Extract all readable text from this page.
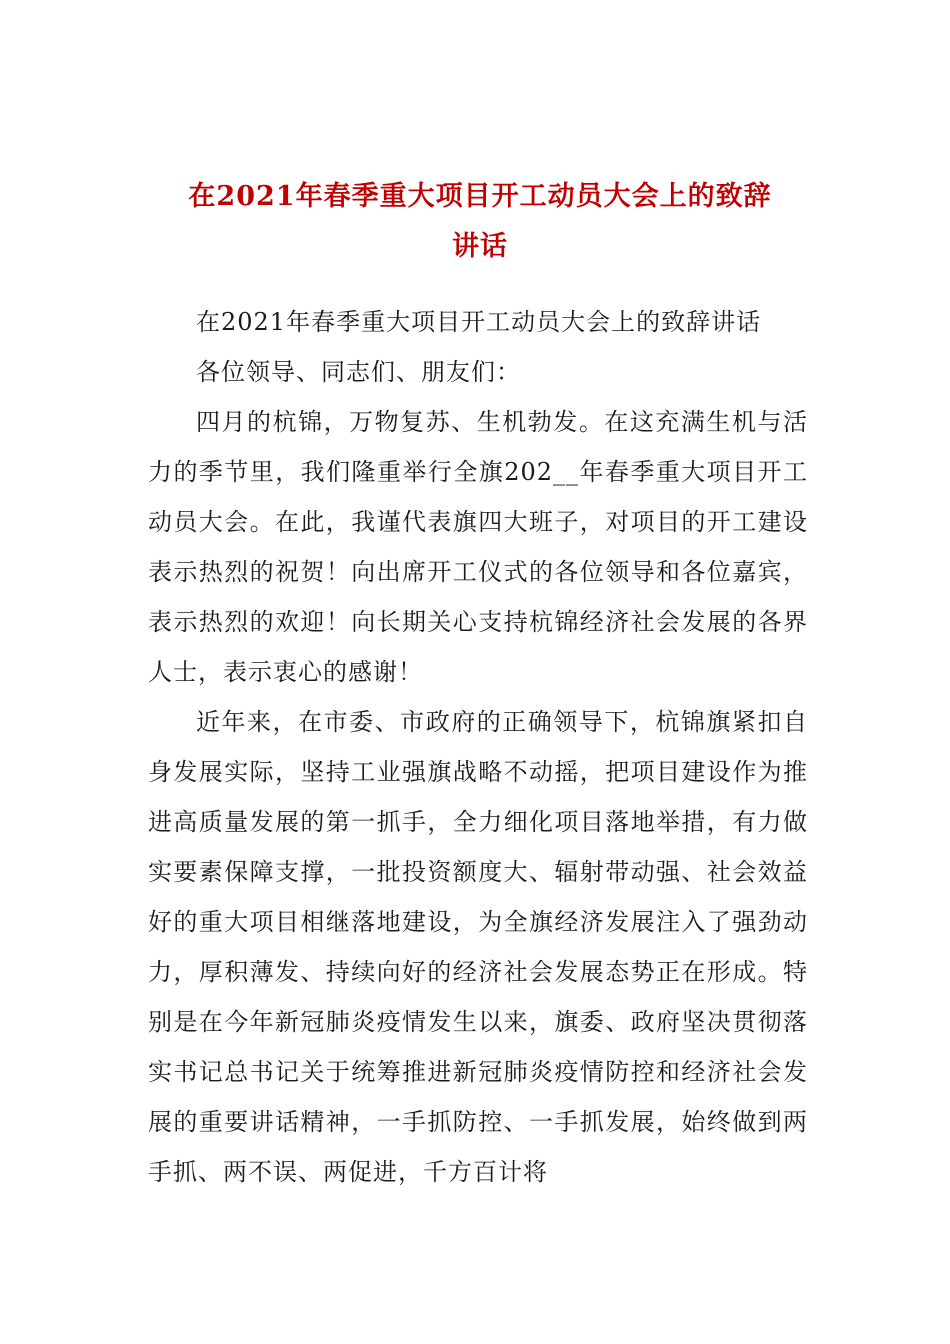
在2021年春季重大项目开工动员大会上的致辞
讲话

在2021年春季重大项目开工动员大会上的致辞讲话

各位领导、同志们、朋友们：

四月的杭锦，万物复苏、生机勃发。在这充满生机与活力的季节里，我们隆重举行全旗202__年春季重大项目开工动员大会。在此，我谨代表旗四大班子，对项目的开工建设表示热烈的祝贺！向出席开工仪式的各位领导和各位嘉宾，表示热烈的欢迎！向长期关心支持杭锦经济社会发展的各界人士，表示衷心的感谢！

近年来，在市委、市政府的正确领导下，杭锦旗紧扣自身发展实际，坚持工业强旗战略不动摇，把项目建设作为推进高质量发展的第一抓手，全力细化项目落地举措，有力做实要素保障支撑，一批投资额度大、辐射带动强、社会效益好的重大项目相继落地建设，为全旗经济发展注入了强劲动力，厚积薄发、持续向好的经济社会发展态势正在形成。特别是在今年新冠肺炎疫情发生以来，旗委、政府坚决贯彻落实书记总书记关于统筹推进新冠肺炎疫情防控和经济社会发展的重要讲话精神，一手抓防控、一手抓发展，始终做到两手抓、两不误、两促进，千方百计将
